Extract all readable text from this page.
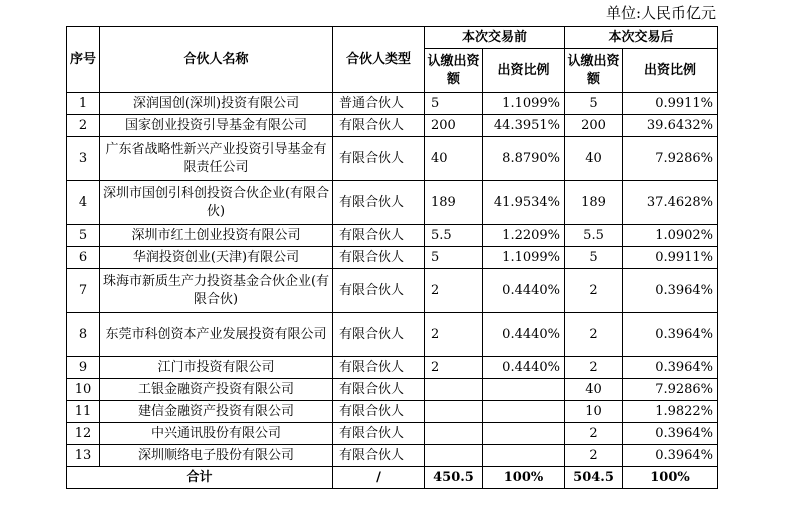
单位:人民币亿元
序号	合伙人名称	合伙人类型	本次交易前		本次交易后	
			认缴出资额	出资比例	认缴出资额	出资比例
1	深润国创(深圳)投资有限公司	普通合伙人	5	1.1099%	5	0.9911%
2	国家创业投资引导基金有限公司	有限合伙人	200	44.3951%	200	39.6432%
3	广东省战略性新兴产业投资引导基金有限责任公司	有限合伙人	40	8.8790%	40	7.9286%
4	深圳市国创引科创投资合伙企业(有限合伙)	有限合伙人	189	41.9534%	189	37.4628%
5	深圳市红土创业投资有限公司	有限合伙人	5.5	1.2209%	5.5	1.0902%
6	华润投资创业(天津)有限公司	有限合伙人	5	1.1099%	5	0.9911%
7	珠海市新质生产力投资基金合伙企业(有限合伙)	有限合伙人	2	0.4440%	2	0.3964%
8	东莞市科创资本产业发展投资有限公司	有限合伙人	2	0.4440%	2	0.3964%
9	江门市投资有限公司	有限合伙人	2	0.4440%	2	0.3964%
10	工银金融资产投资有限公司	有限合伙人			40	7.9286%
11	建信金融资产投资有限公司	有限合伙人			10	1.9822%
12	中兴通讯股份有限公司	有限合伙人			2	0.3964%
13	深圳顺络电子股份有限公司	有限合伙人			2	0.3964%
合计		/	450.5	100%	504.5	100%
